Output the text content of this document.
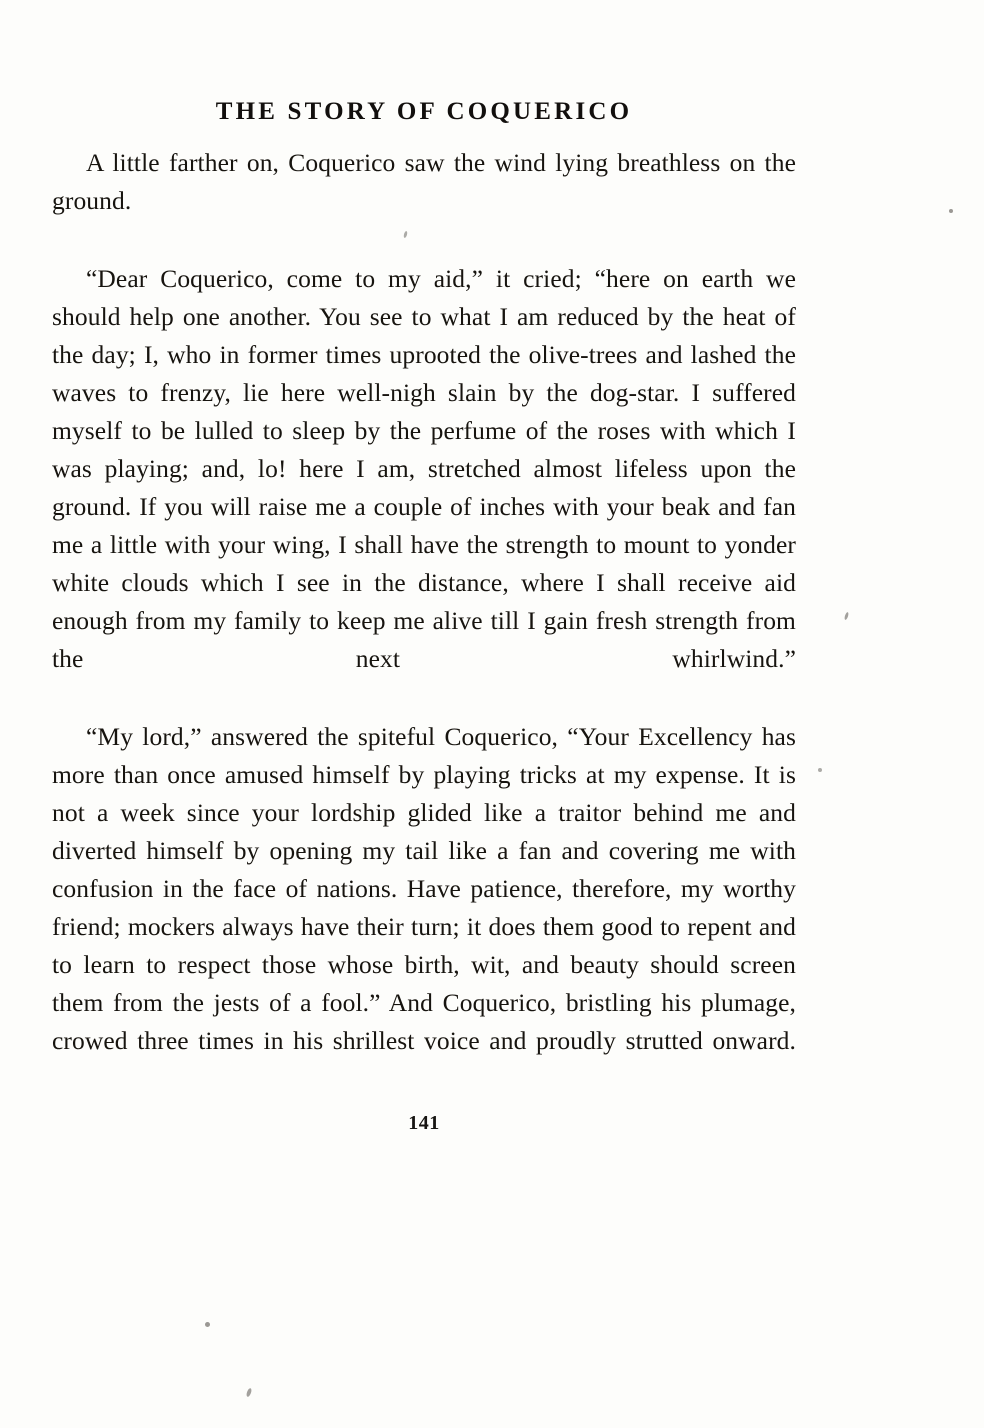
THE STORY OF COQUERICO

A little farther on, Coquerico saw the wind lying breathless on the ground.

“Dear Coquerico, come to my aid,” it cried; “here on earth we should help one another. You see to what I am reduced by the heat of the day; I, who in former times uprooted the olive-trees and lashed the waves to frenzy, lie here well-nigh slain by the dog-star. I suffered myself to be lulled to sleep by the perfume of the roses with which I was playing; and, lo! here I am, stretched almost lifeless upon the ground. If you will raise me a couple of inches with your beak and fan me a little with your wing, I shall have the strength to mount to yonder white clouds which I see in the distance, where I shall receive aid enough from my family to keep me alive till I gain fresh strength from the next whirlwind.”

“My lord,” answered the spiteful Coquerico, “Your Excellency has more than once amused himself by playing tricks at my expense. It is not a week since your lordship glided like a traitor behind me and diverted himself by opening my tail like a fan and covering me with confusion in the face of nations. Have patience, therefore, my worthy friend; mockers always have their turn; it does them good to repent and to learn to respect those whose birth, wit, and beauty should screen them from the jests of a fool.” And Coquerico, bristling his plumage, crowed three times in his shrillest voice and proudly strutted onward.

141
